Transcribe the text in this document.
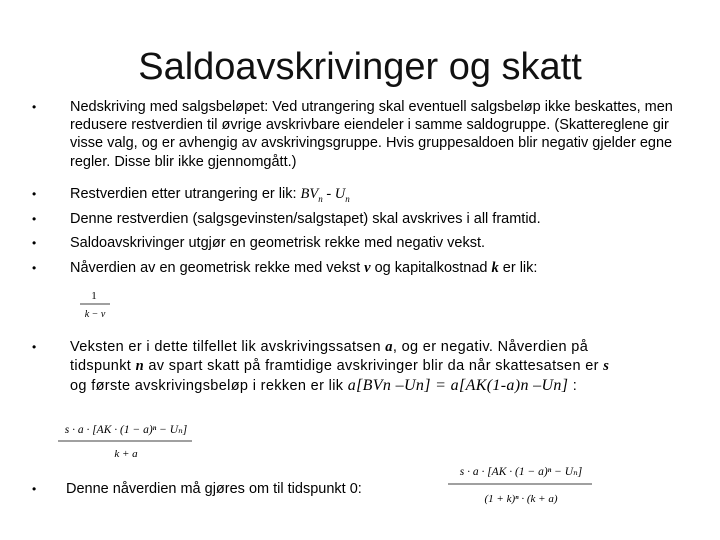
Saldoavskrivinger og skatt
• Nedskriving med salgsbeløpet: Ved utrangering skal eventuell salgsbeløp ikke beskattes, men redusere restverdien til øvrige avskrivbare eiendeler i samme saldogruppe. (Skattereglene gir visse valg, og er avhengig av avskrivingsgruppe. Hvis gruppesaldoen blir negativ gjelder egne regler. Disse blir ikke gjennomgått.)
• Restverdien etter utrangering er lik: $BV_n - U_n$
• Denne restverdien (salgsgevinsten/salgstapet) skal avskrives i all framtid.
• Saldoavskrivinger utgjør en geometrisk rekke med negativ vekst.
• Nåverdien av en geometrisk rekke med vekst v og kapitalkostnad k er lik:
1
k − v
• Veksten er i dette tilfellet lik avskrivingssatsen a, og er negativ. Nåverdien på
tidspunkt n av spart skatt på framtidige avskrivinger blir da når skattesatsen er s
og første avskrivingsbeløp i rekken er lik a[BVn –Un] = a[AK(1-a)n –Un] :
s · a · [AK · (1 − a)ⁿ − Uₙ]
k + a
• Denne nåverdien må gjøres om til tidspunkt 0:
s · a · [AK · (1 − a)ⁿ − Uₙ]
(1 + k)ⁿ · (k + a)
